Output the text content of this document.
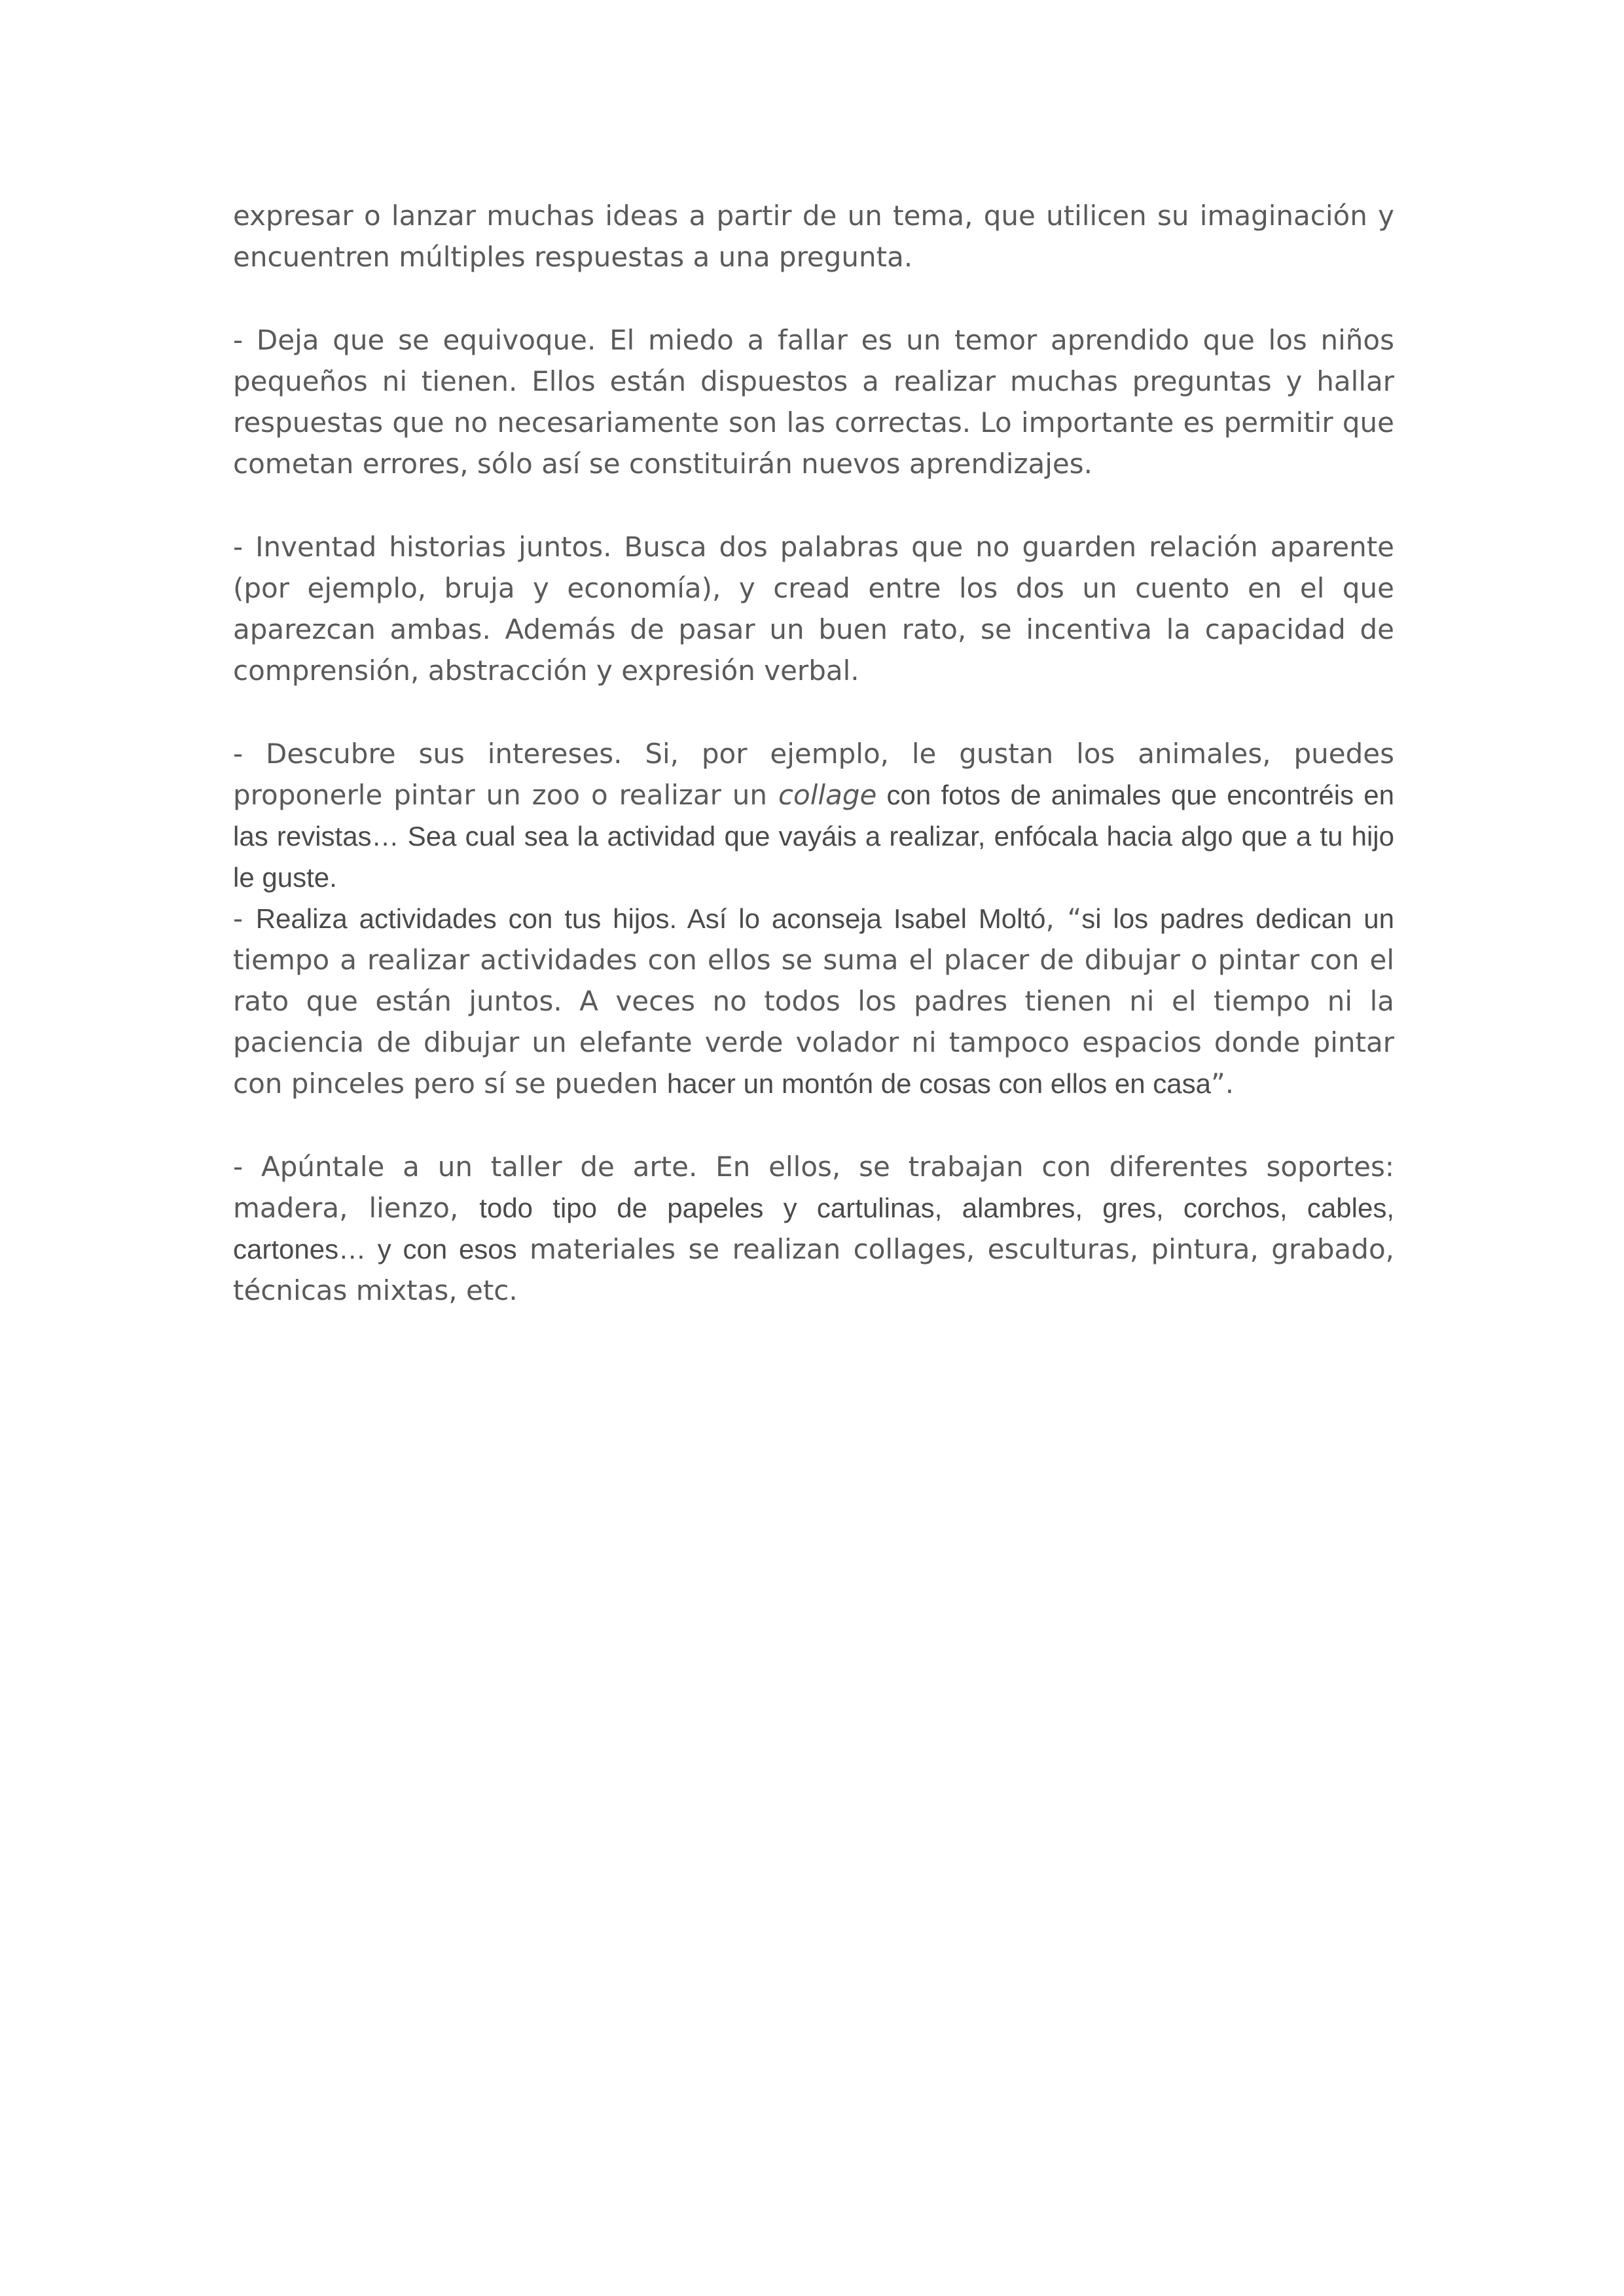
expresar o lanzar muchas ideas a partir de un tema, que utilicen su imaginación y encuentren múltiples respuestas a una pregunta.

- Deja que se equivoque. El miedo a fallar es un temor aprendido que los niños pequeños ni tienen. Ellos están dispuestos a realizar muchas preguntas y hallar respuestas que no necesariamente son las correctas. Lo importante es permitir que cometan errores, sólo así se constituirán nuevos aprendizajes.

- Inventad historias juntos. Busca dos palabras que no guarden relación aparente (por ejemplo, bruja y economía), y cread entre los dos un cuento en el que aparezcan ambas. Además de pasar un buen rato, se incentiva la capacidad de comprensión, abstracción y expresión verbal.

- Descubre sus intereses. Si, por ejemplo, le gustan los animales, puedes proponerle pintar un zoo o realizar un collage con fotos de animales que encontréis en las revistas… Sea cual sea la actividad que vayáis a realizar, enfócala hacia algo que a tu hijo le guste.

- Realiza actividades con tus hijos. Así lo aconseja Isabel Moltó, “si los padres dedican un tiempo a realizar actividades con ellos se suma el placer de dibujar o pintar con el rato que están juntos. A veces no todos los padres tienen ni el tiempo ni la paciencia de dibujar un elefante verde volador ni tampoco espacios donde pintar con pinceles pero sí se pueden hacer un montón de cosas con ellos en casa”.

- Apúntale a un taller de arte. En ellos, se trabajan con diferentes soportes: madera, lienzo, todo tipo de papeles y cartulinas, alambres, gres, corchos, cables, cartones… y con esos materiales se realizan collages, esculturas, pintura, grabado, técnicas mixtas, etc.
